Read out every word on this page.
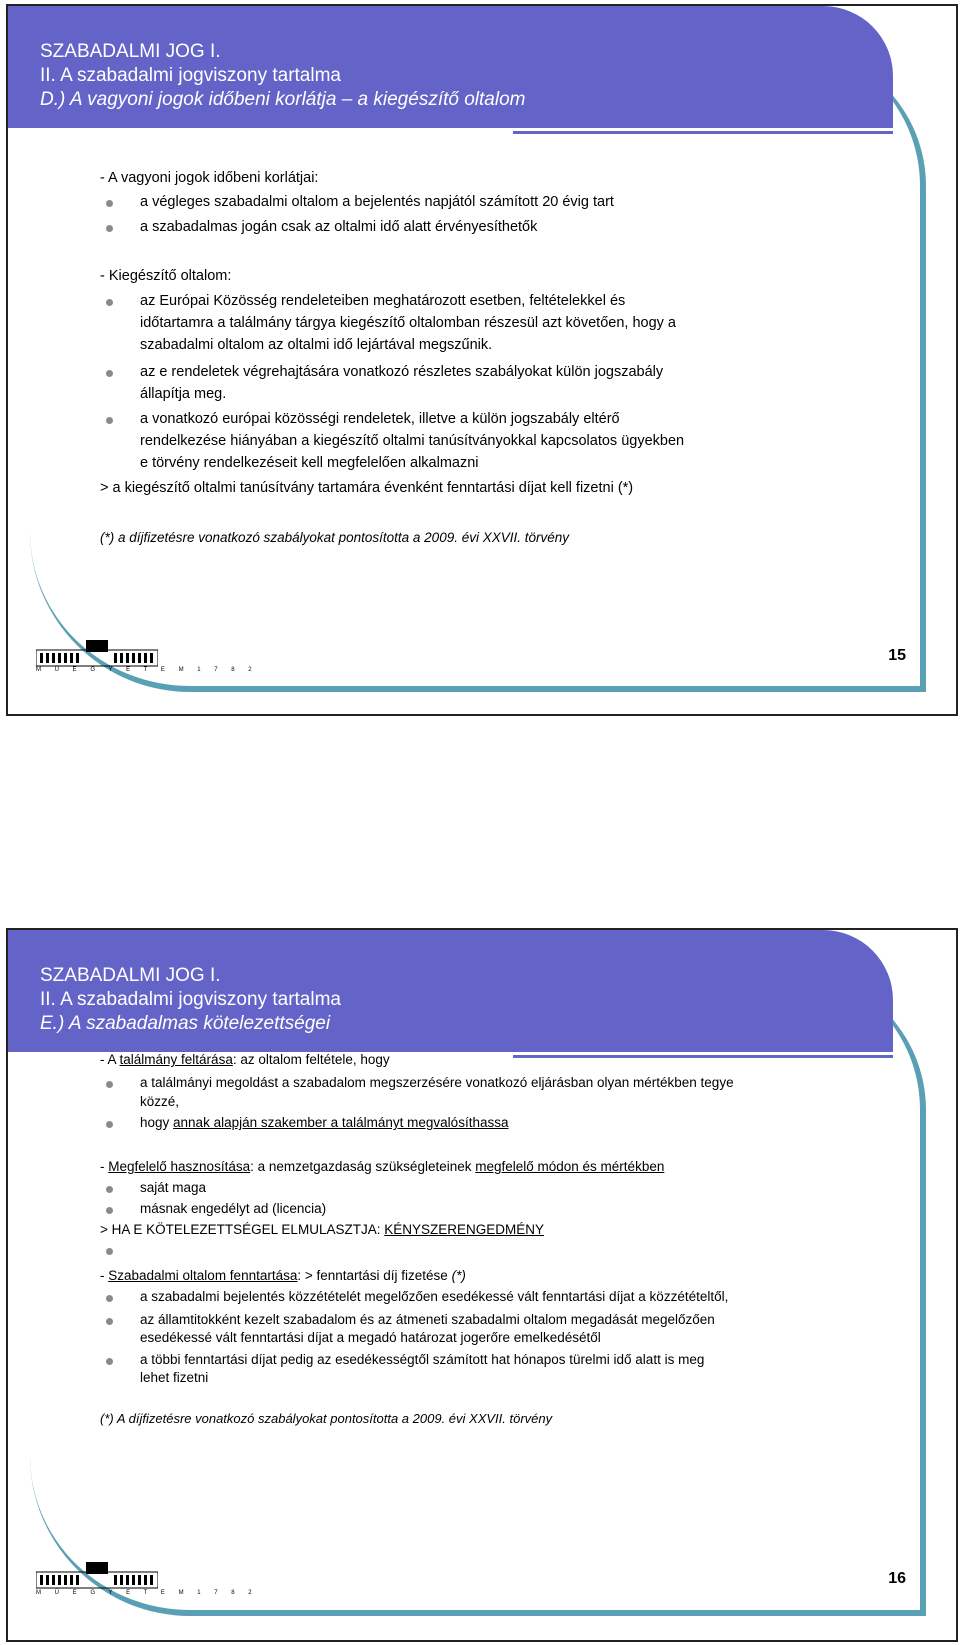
SZABADALMI JOG I.
II. A szabadalmi jogviszony tartalma
D.) A vagyoni jogok időbeni korlátja – a kiegészítő oltalom
- A vagyoni jogok időbeni korlátjai:
a végleges szabadalmi oltalom a bejelentés napjától számított 20 évig tart
a szabadalmas jogán csak az oltalmi idő alatt érvényesíthetők
- Kiegészítő oltalom:
az Európai Közösség rendeleteiben meghatározott esetben, feltételekkel és
időtartamra a találmány tárgya kiegészítő oltalomban részesül azt követően, hogy a
szabadalmi oltalom az oltalmi idő lejártával megszűnik.
az e rendeletek végrehajtására vonatkozó részletes szabályokat külön jogszabály
állapítja meg.
a vonatkozó európai közösségi rendeletek, illetve a külön jogszabály eltérő
rendelkezése hiányában a kiegészítő oltalmi tanúsítványokkal kapcsolatos ügyekben
e törvény rendelkezéseit kell megfelelően alkalmazni
> a kiegészítő oltalmi tanúsítvány tartamára évenként fenntartási díjat kell fizetni (*)
(*) a díjfizetésre vonatkozó szabályokat pontosította a 2009. évi XXVII. törvény
M Ű E G Y E T E M 1 7 8 2
15
SZABADALMI JOG I.
II. A szabadalmi jogviszony tartalma
E.) A szabadalmas kötelezettségei
- A találmány feltárása: az oltalom feltétele, hogy
a találmányi megoldást a szabadalom megszerzésére vonatkozó eljárásban olyan mértékben tegye
közzé,
hogy annak alapján szakember a találmányt megvalósíthassa
- Megfelelő hasznosítása: a nemzetgazdaság szükségleteinek megfelelő módon és mértékben
saját maga
másnak engedélyt ad (licencia)
> HA E KÖTELEZETTSÉGEL ELMULASZTJA: KÉNYSZERENGEDMÉNY
- Szabadalmi oltalom fenntartása: > fenntartási díj fizetése (*)
a szabadalmi bejelentés közzétételét megelőzően esedékessé vált fenntartási díjat a közzétételtől,
az államtitokként kezelt szabadalom és az átmeneti szabadalmi oltalom megadását megelőzően
esedékessé vált fenntartási díjat a megadó határozat jogerőre emelkedésétől
a többi fenntartási díjat pedig az esedékességtől számított hat hónapos türelmi idő alatt is meg
lehet fizetni
(*) A díjfizetésre vonatkozó szabályokat pontosította a 2009. évi XXVII. törvény
M Ű E G Y E T E M 1 7 8 2
16
